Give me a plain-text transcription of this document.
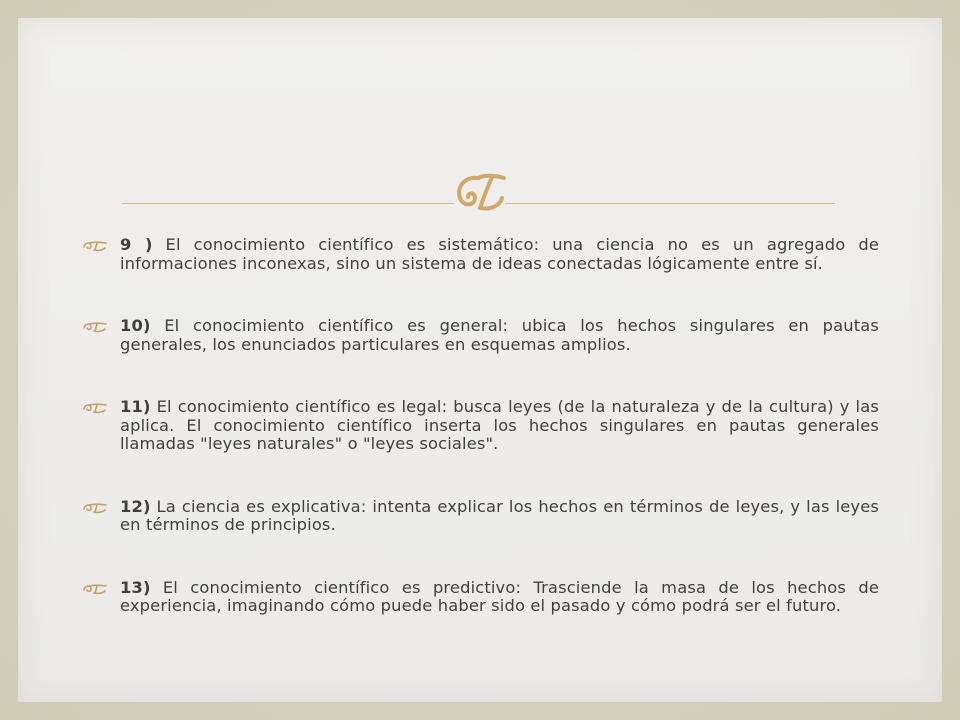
9 ) El conocimiento científico es sistemático: una ciencia no es un agregado de informaciones inconexas, sino un sistema de ideas conectadas lógicamente entre sí.
10) El conocimiento científico es general: ubica los hechos singulares en pautas generales, los enunciados particulares en esquemas amplios.
11) El conocimiento científico es legal: busca leyes (de la naturaleza y de la cultura) y las aplica. El conocimiento científico inserta los hechos singulares en pautas generales llamadas "leyes naturales" o "leyes sociales".
12) La ciencia es explicativa: intenta explicar los hechos en términos de leyes, y las leyes en términos de principios.
13) El conocimiento científico es predictivo: Trasciende la masa de los hechos de experiencia, imaginando cómo puede haber sido el pasado y cómo podrá ser el futuro.
